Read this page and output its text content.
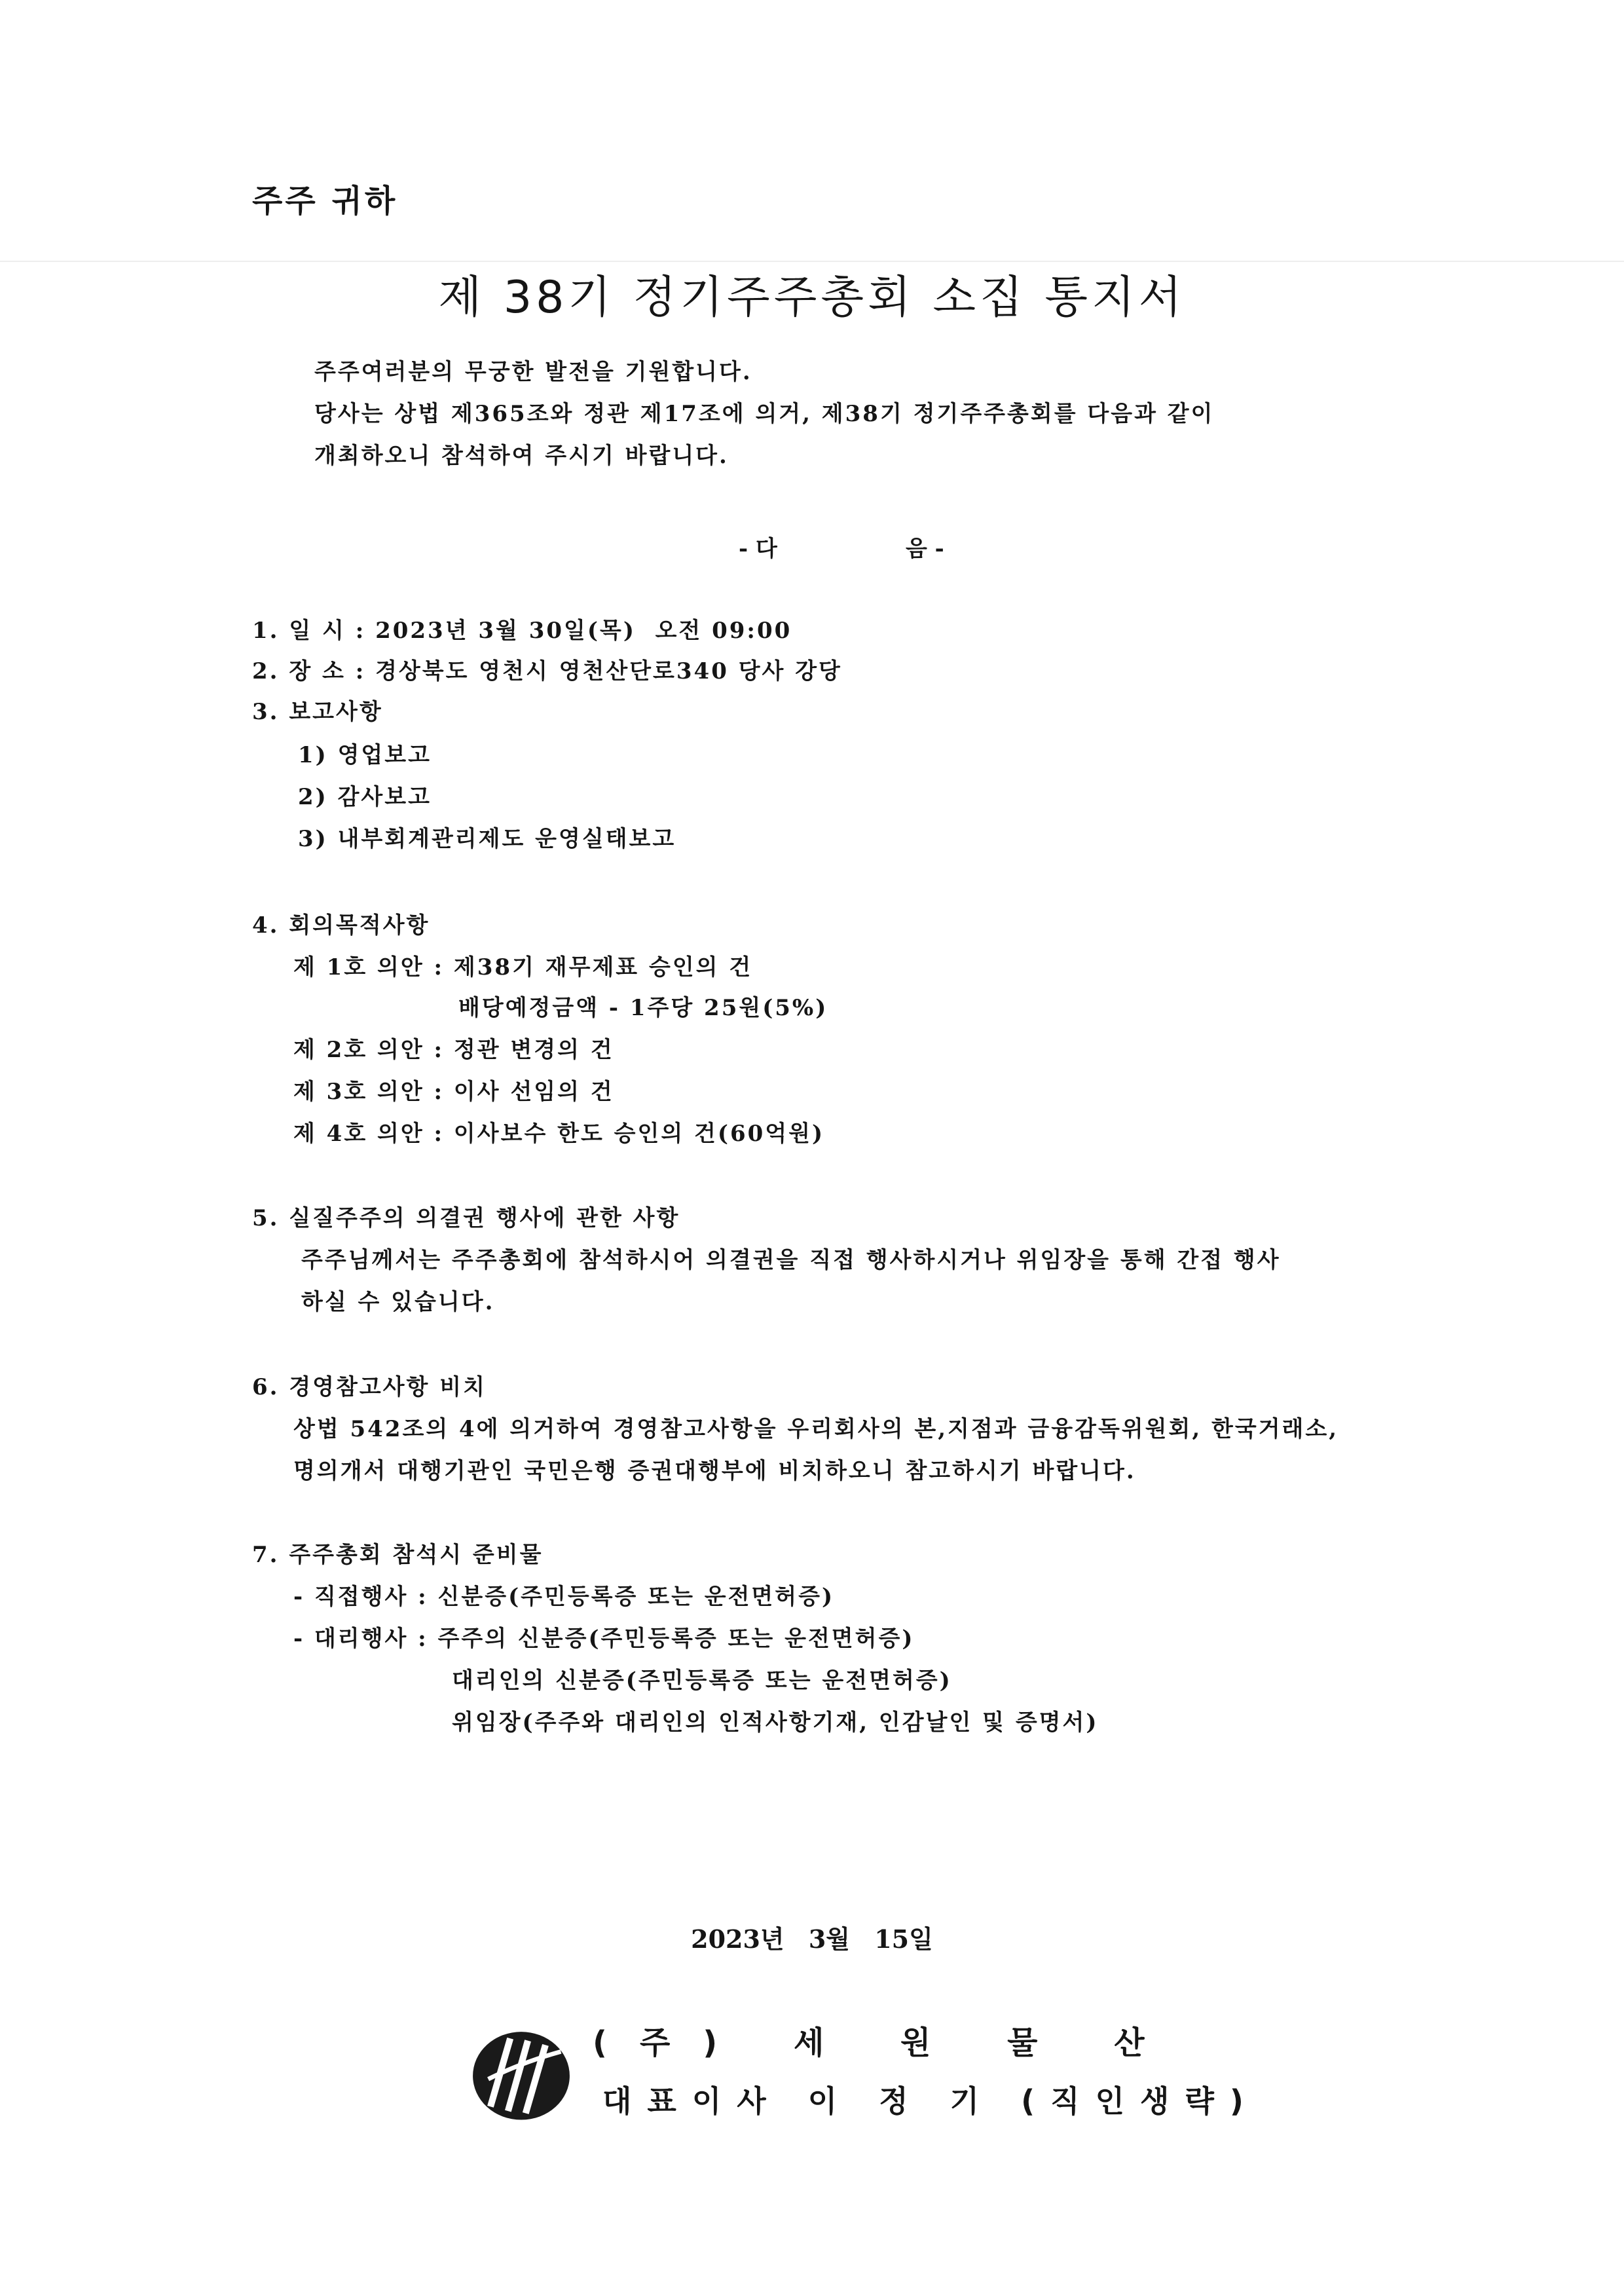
주주 귀하
제 38기 정기주주총회 소집 통지서
주주여러분의 무궁한 발전을 기원합니다.
당사는 상법 제365조와 정관 제17조에 의거, 제38기 정기주주총회를 다음과 같이
개최하오니 참석하여 주시기 바랍니다.
- 다	음 -
1. 일 시 : 2023년 3월 30일(목)  오전 09:00
2. 장 소 : 경상북도 영천시 영천산단로340 당사 강당
3. 보고사항
1) 영업보고
2) 감사보고
3) 내부회계관리제도 운영실태보고
4. 회의목적사항
제 1호 의안 : 제38기 재무제표 승인의 건
배당예정금액 - 1주당 25원(5%)
제 2호 의안 : 정관 변경의 건
제 3호 의안 : 이사 선임의 건
제 4호 의안 : 이사보수 한도 승인의 건(60억원)
5. 실질주주의 의결권 행사에 관한 사항
주주님께서는 주주총회에 참석하시어 의결권을 직접 행사하시거나 위임장을 통해 간접 행사
하실 수 있습니다.
6. 경영참고사항 비치
상법 542조의 4에 의거하여 경영참고사항을 우리회사의 본,지점과 금융감독위원회, 한국거래소,
명의개서 대행기관인 국민은행 증권대행부에 비치하오니 참고하시기 바랍니다.
7. 주주총회 참석시 준비물
- 직접행사 : 신분증(주민등록증 또는 운전면허증)
- 대리행사 : 주주의 신분증(주민등록증 또는 운전면허증)
대리인의 신분증(주민등록증 또는 운전면허증)
위임장(주주와 대리인의 인적사항기재, 인감날인 및 증명서)
2023년 3월 15일
(주) 세 원 물 산
대표이사 이 정 기 (직인생략)
